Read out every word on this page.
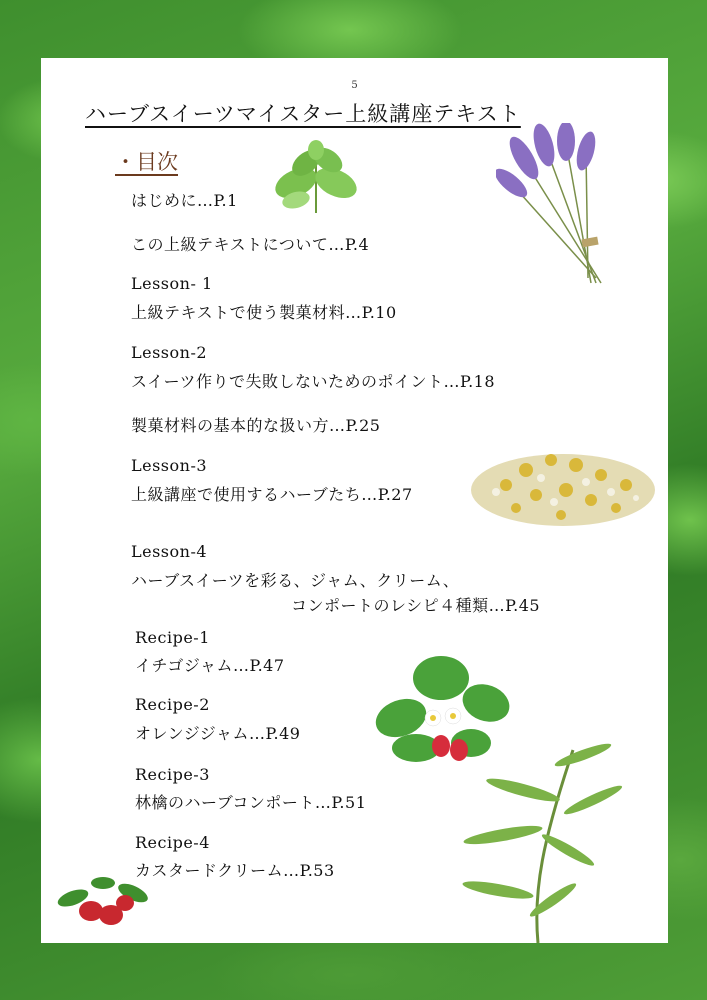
5
ハーブスイーツマイスター上級講座テキスト
・目次
はじめに…P.1
この上級テキストについて…P.4
Lesson- 1
上級テキストで使う製菓材料…P.10
Lesson-2
スイーツ作りで失敗しないためのポイント…P.18
製菓材料の基本的な扱い方…P.25
Lesson-3
上級講座で使用するハーブたち…P.27
Lesson-4
ハーブスイーツを彩る、ジャム、クリーム、
コンポートのレシピ４種類…P.45
Recipe-1
イチゴジャム…P.47
Recipe-2
オレンジジャム…P.49
Recipe-3
林檎のハーブコンポート…P.51
Recipe-4
カスタードクリーム…P.53
